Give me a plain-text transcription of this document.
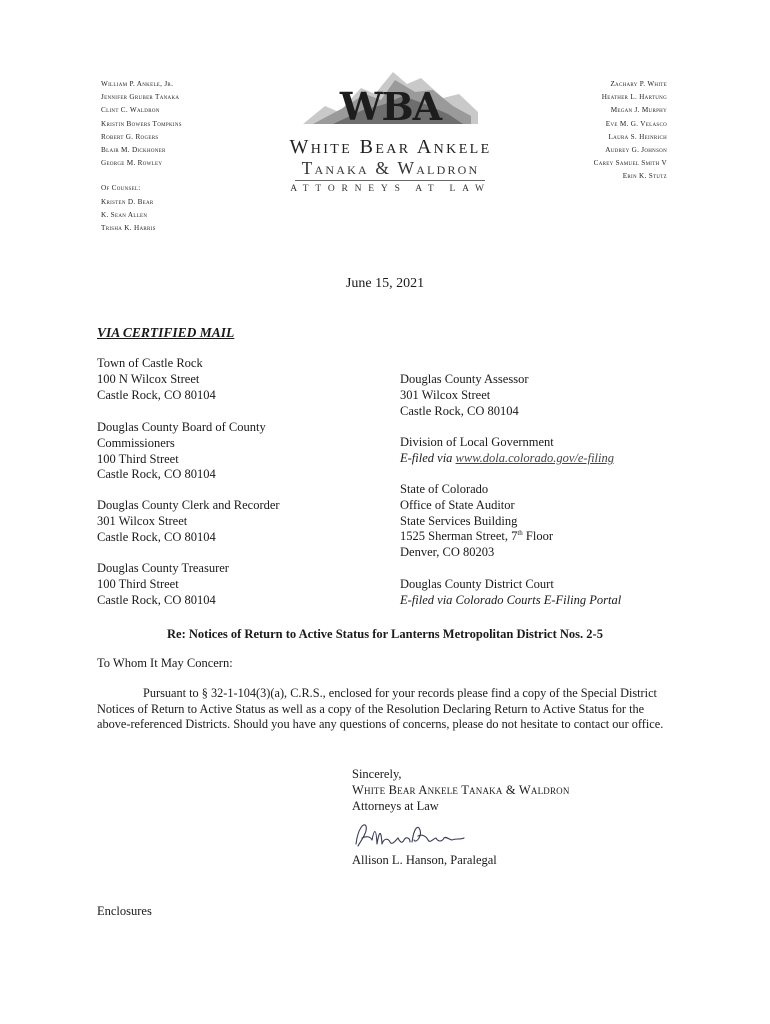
William P. Ankele, Jr.
Jennifer Gruber Tanaka
Clint C. Waldron
Kristin Bowers Tompkins
Robert G. Rogers
Blair M. Dickhoner
George M. Rowley
Of Counsel:
Kristen D. Bear
K. Sean Allen
Trisha K. Harris
WBA
White Bear Ankele
Tanaka & Waldron
ATTORNEYS AT LAW
Zachary P. White
Heather L. Hartung
Megan J. Murphy
Eve M. G. Velasco
Laura S. Heinrich
Audrey G. Johnson
Carey Samuel Smith V
Erin K. Stutz
June 15, 2021
VIA CERTIFIED MAIL
Town of Castle Rock
100 N Wilcox Street
Castle Rock, CO 80104
Douglas County Board of County
Commissioners
100 Third Street
Castle Rock, CO 80104
Douglas County Clerk and Recorder
301 Wilcox Street
Castle Rock, CO 80104
Douglas County Treasurer
100 Third Street
Castle Rock, CO 80104
Douglas County Assessor
301 Wilcox Street
Castle Rock, CO 80104
Division of Local Government
E-filed via www.dola.colorado.gov/e-filing
State of Colorado
Office of State Auditor
State Services Building
1525 Sherman Street, 7th Floor
Denver, CO 80203
Douglas County District Court
E-filed via Colorado Courts E-Filing Portal
Re: Notices of Return to Active Status for Lanterns Metropolitan District Nos. 2-5
To Whom It May Concern:
Pursuant to § 32-1-104(3)(a), C.R.S., enclosed for your records please find a copy of the Special District Notices of Return to Active Status as well as a copy of the Resolution Declaring Return to Active Status for the above-referenced Districts. Should you have any questions of concerns, please do not hesitate to contact our office.
Sincerely,
White Bear Ankele Tanaka & Waldron
Attorneys at Law
Allison L. Hanson, Paralegal
Enclosures
